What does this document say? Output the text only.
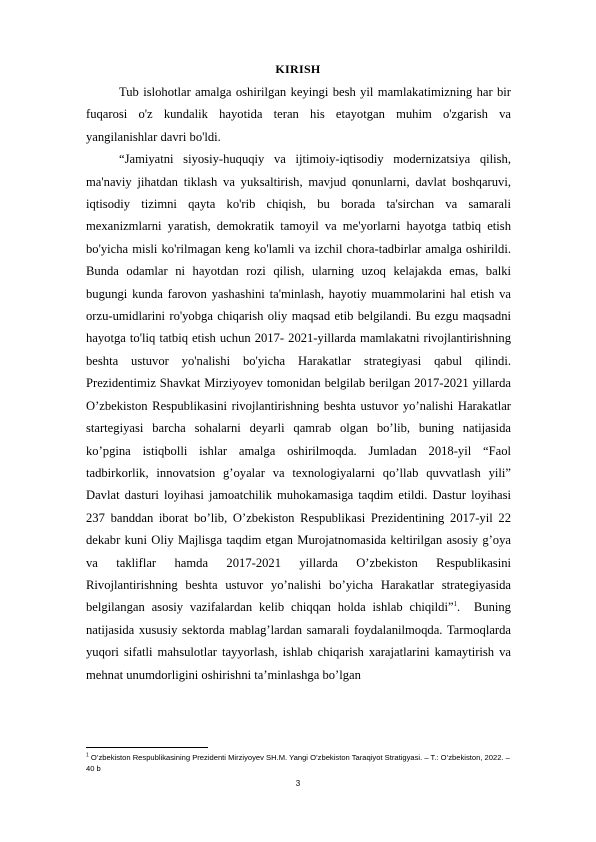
KIRISH

Tub islohotlar amalga oshirilgan keyingi besh yil mamlakatimizning har bir fuqarosi o'z kundalik hayotida teran his etayotgan muhim o'zgarish va yangilanishlar davri bo'ldi.

“Jamiyatni siyosiy-huquqiy va ijtimoiy-iqtisodiy modernizatsiya qilish, ma'naviy jihatdan tiklash va yuksaltirish, mavjud qonunlarni, davlat boshqaruvi, iqtisodiy tizimni qayta ko'rib chiqish, bu borada ta'sirchan va samarali mexanizmlarni yaratish, demokratik tamoyil va me'yorlarni hayotga tatbiq etish bo'yicha misli ko'rilmagan keng ko'lamli va izchil chora-tadbirlar amalga oshirildi. Bunda odamlar ni hayotdan rozi qilish, ularning uzoq kelajakda emas, balki bugungi kunda farovon yashashini ta'minlash, hayotiy muammolarini hal etish va orzu-umidlarini ro'yobga chiqarish oliy maqsad etib belgilandi. Bu ezgu maqsadni hayotga to'liq tatbiq etish uchun 2017- 2021-yillarda mamlakatni rivojlantirishning beshta ustuvor yo'nalishi bo'yicha Harakatlar strategiyasi qabul qilindi. Prezidentimiz Shavkat Mirziyoyev tomonidan belgilab berilgan 2017-2021 yillarda O’zbekiston Respublikasini rivojlantirishning beshta ustuvor yo’nalishi Harakatlar startegiyasi barcha sohalarni deyarli qamrab olgan bo’lib, buning natijasida ko’pgina istiqbolli ishlar amalga oshirilmoqda. Jumladan 2018-yil “Faol tadbirkorlik, innovatsion g’oyalar va texnologiyalarni qo’llab quvvatlash yili” Davlat dasturi loyihasi jamoatchilik muhokamasiga taqdim etildi. Dastur loyihasi 237 banddan iborat bo’lib, O’zbekiston Respublikasi Prezidentining 2017-yil 22 dekabr kuni Oliy Majlisga taqdim etgan Murojatnomasida keltirilgan asosiy g’oya va takliflar hamda 2017-2021 yillarda O’zbekiston Respublikasini Rivojlantirishning beshta ustuvor yo’nalishi bo’yicha Harakatlar strategiyasida belgilangan asosiy vazifalardan kelib chiqqan holda ishlab chiqildi”$^1$.  Buning natijasida xususiy sektorda mablag’lardan samarali foydalanilmoqda. Tarmoqlarda yuqori sifatli mahsulotlar tayyorlash, ishlab chiqarish xarajatlarini kamaytirish va mehnat unumdorligini oshirishni ta’minlashga bo’lgan

$^1$ O’zbekiston Respublikasining Prezidenti Mirziyoyev SH.M. Yangi O’zbekiston Taraqiyot Stratigyasi. – T.: O’zbekiston, 2022. – 40 b
3
